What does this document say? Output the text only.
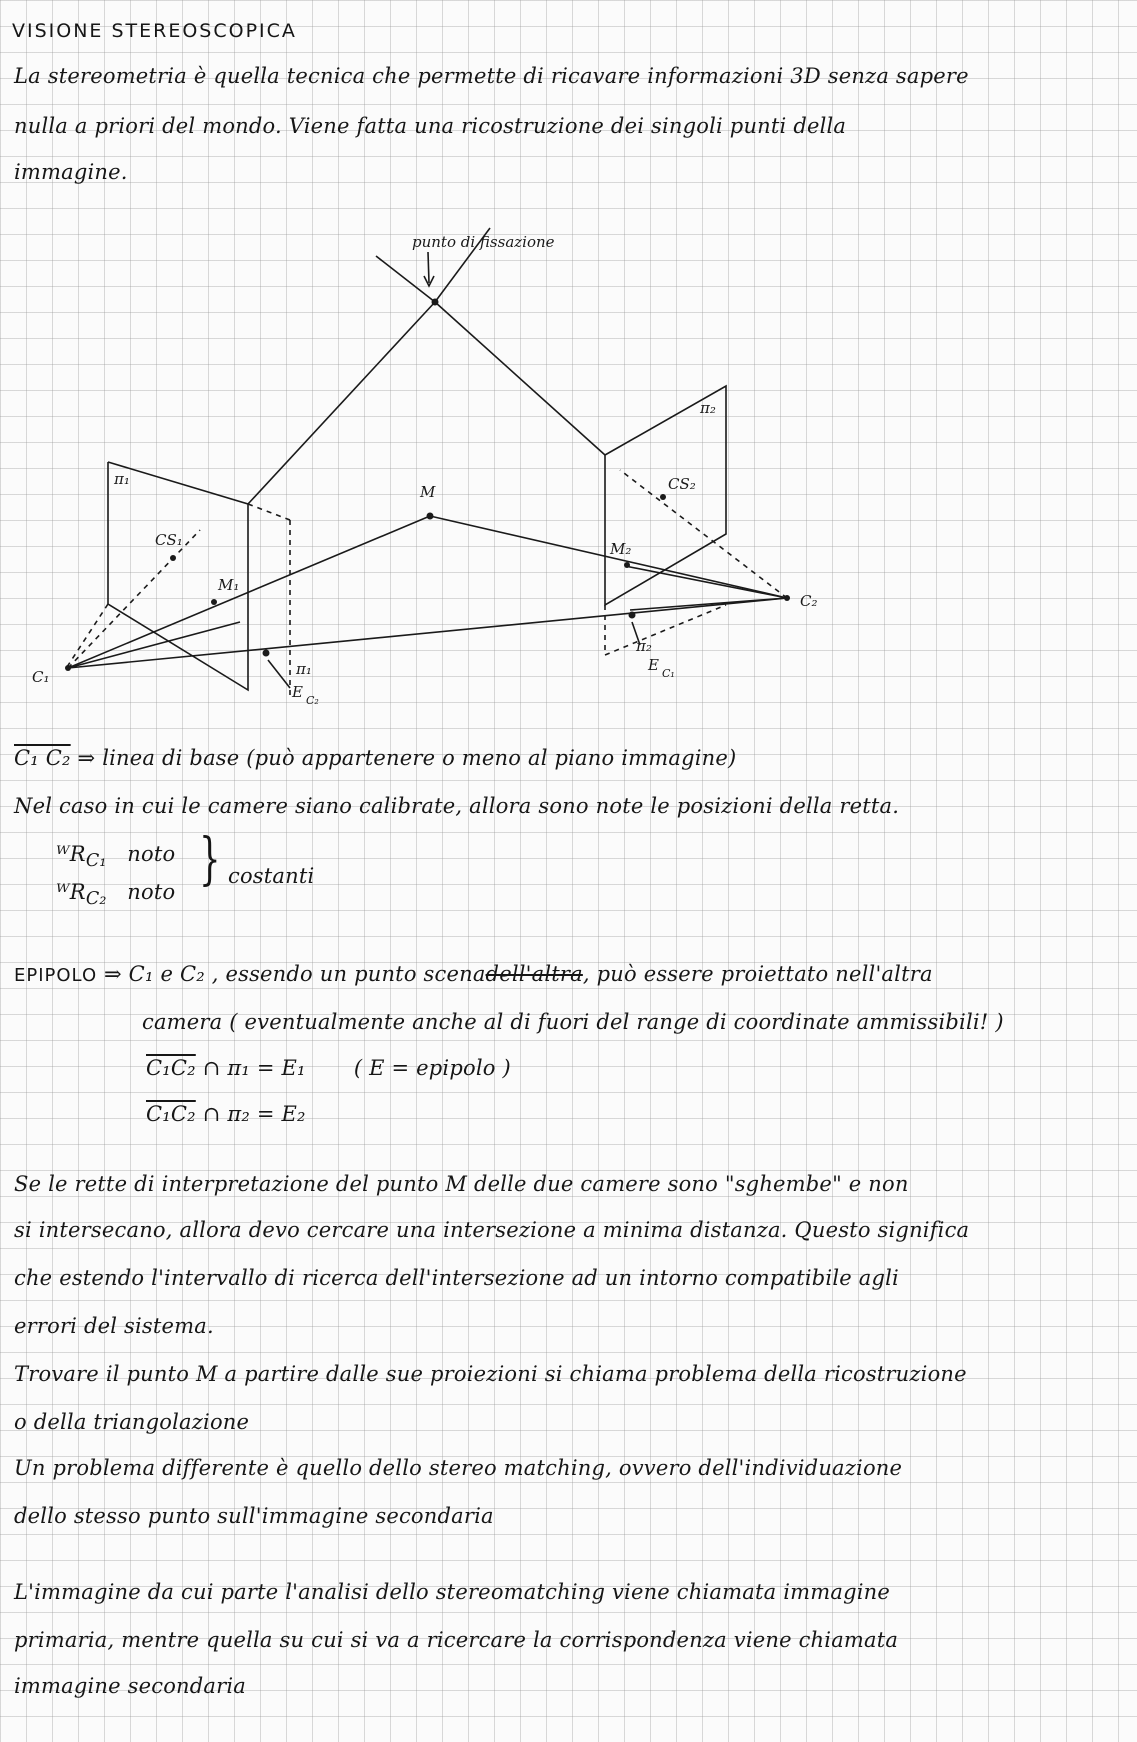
VISIONE STEREOSCOPICA

La stereometria è quella tecnica che permette di ricavare informazioni 3D senza sapere

nulla a priori del mondo. Viene fatta una ricostruzione dei singoli punti della

immagine.

punto di fissazione
π₁
π₂
M
M₁
M₂
CS₁
CS₂
C₁
C₂
π₁
π₂
E C₂
E C₁

C₁ C₂ ⇒ linea di base (può appartenere o meno al piano immagine)

Nel caso in cui le camere siano calibrate, allora sono note le posizioni della retta.

ᵂR$_{C_1}$ noto

ᵂR$_{C_2}$ noto } costanti

EPIPOLO ⇒ C₁ e C₂ , essendo un punto scenadell'altra, può essere proiettato nell'altra

camera ( eventualmente anche al di fuori del range di coordinate ammissibili! )

C₁C₂ ∩ π₁ = E₁ ( E = epipolo )

C₁C₂ ∩ π₂ = E₂

Se le rette di interpretazione del punto M delle due camere sono "sghembe" e non

si intersecano, allora devo cercare una intersezione a minima distanza. Questo significa

che estendo l'intervallo di ricerca dell'intersezione ad un intorno compatibile agli

errori del sistema.

Trovare il punto M a partire dalle sue proiezioni si chiama problema della ricostruzione

o della triangolazione

Un problema differente è quello dello stereo matching, ovvero dell'individuazione

dello stesso punto sull'immagine secondaria

L'immagine da cui parte l'analisi dello stereomatching viene chiamata immagine

primaria, mentre quella su cui si va a ricercare la corrispondenza viene chiamata

immagine secondaria
